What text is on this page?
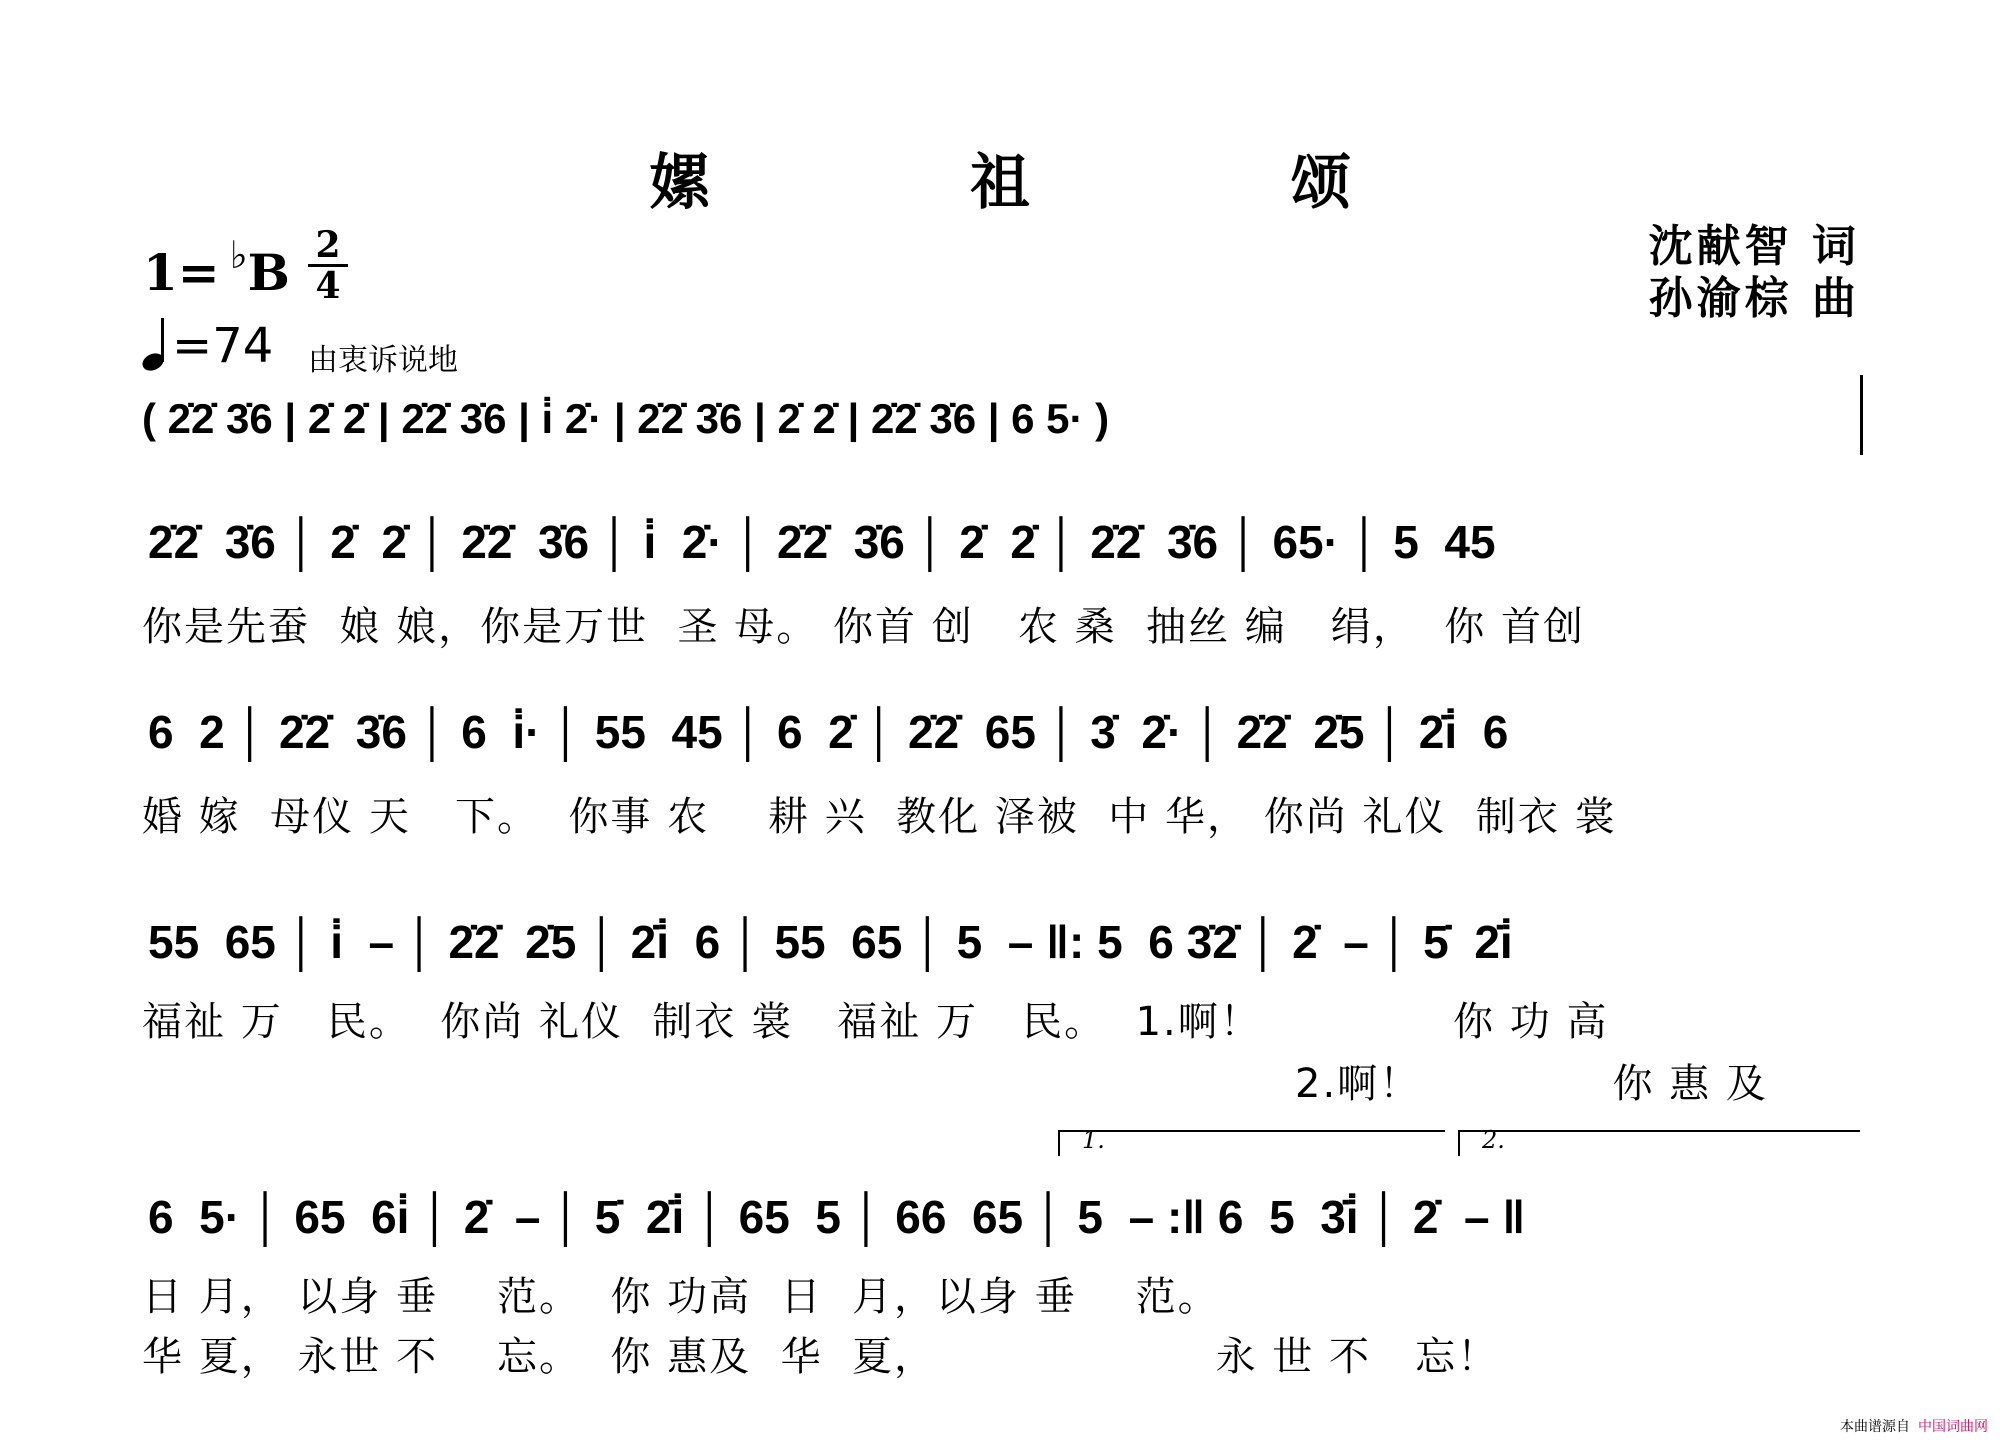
嫘 祖 颂
沈献智 词
孙渝棕 曲
1= ♭B 2
4
=74 由衷诉说地
( 2̇2̇ 3̇6 | 2̇ 2̇ | 2̇2̇ 3̇6 | i̇ 2̇· | 2̇2̇ 3̇6 | 2̇ 2̇ | 2̇2̇ 3̇6 | 6 5· )
2̇2̇  3̇6 │ 2̇  2̇ │ 2̇2̇  3̇6 │ i̇  2̇· │ 2̇2̇  3̇6 │ 2̇  2̇ │ 2̇2̇  3̇6 │ 65· │ 5  45
你是先蚕  娘 娘，你是万世  圣 母。 你首 创   农 桑  抽丝 编   绢，  你 首创
6  2 │ 2̇2̇  3̇6 │ 6  i̇· │ 55  45 │ 6  2̇ │ 2̇2̇  65 │ 3̇  2̇· │ 2̇2̇  2̇5 │ 2̇i̇  6
婚 嫁  母仪 天   下。  你事 农    耕 兴  教化 泽被  中 华， 你尚 礼仪  制衣 裳
55  65 │ i̇  – │ 2̇2̇  2̇5 │ 2̇i̇  6 │ 55  65 │ 5  – ‖: 5  6 3̇2̇ │ 2̇  – │ 5̇  2̇i̇
福祉 万   民。  你尚 礼仪  制衣 裳   福祉 万   民。  1.啊！             你 功 高
2.啊！             你 惠 及
1.	2.
6  5· │ 65  6i̇ │ 2̇  – │ 5̇  2̇i̇ │ 65  5 │ 66  65 │ 5  – :‖ 6  5  3̇i̇ │ 2̇  – ‖
日 月， 以身 垂    范。  你 功高  日  月，以身 垂    范。
华 夏， 永世 不    忘。  你 惠及  华  夏，                   永 世 不   忘！
本曲谱源自 中国词曲网
